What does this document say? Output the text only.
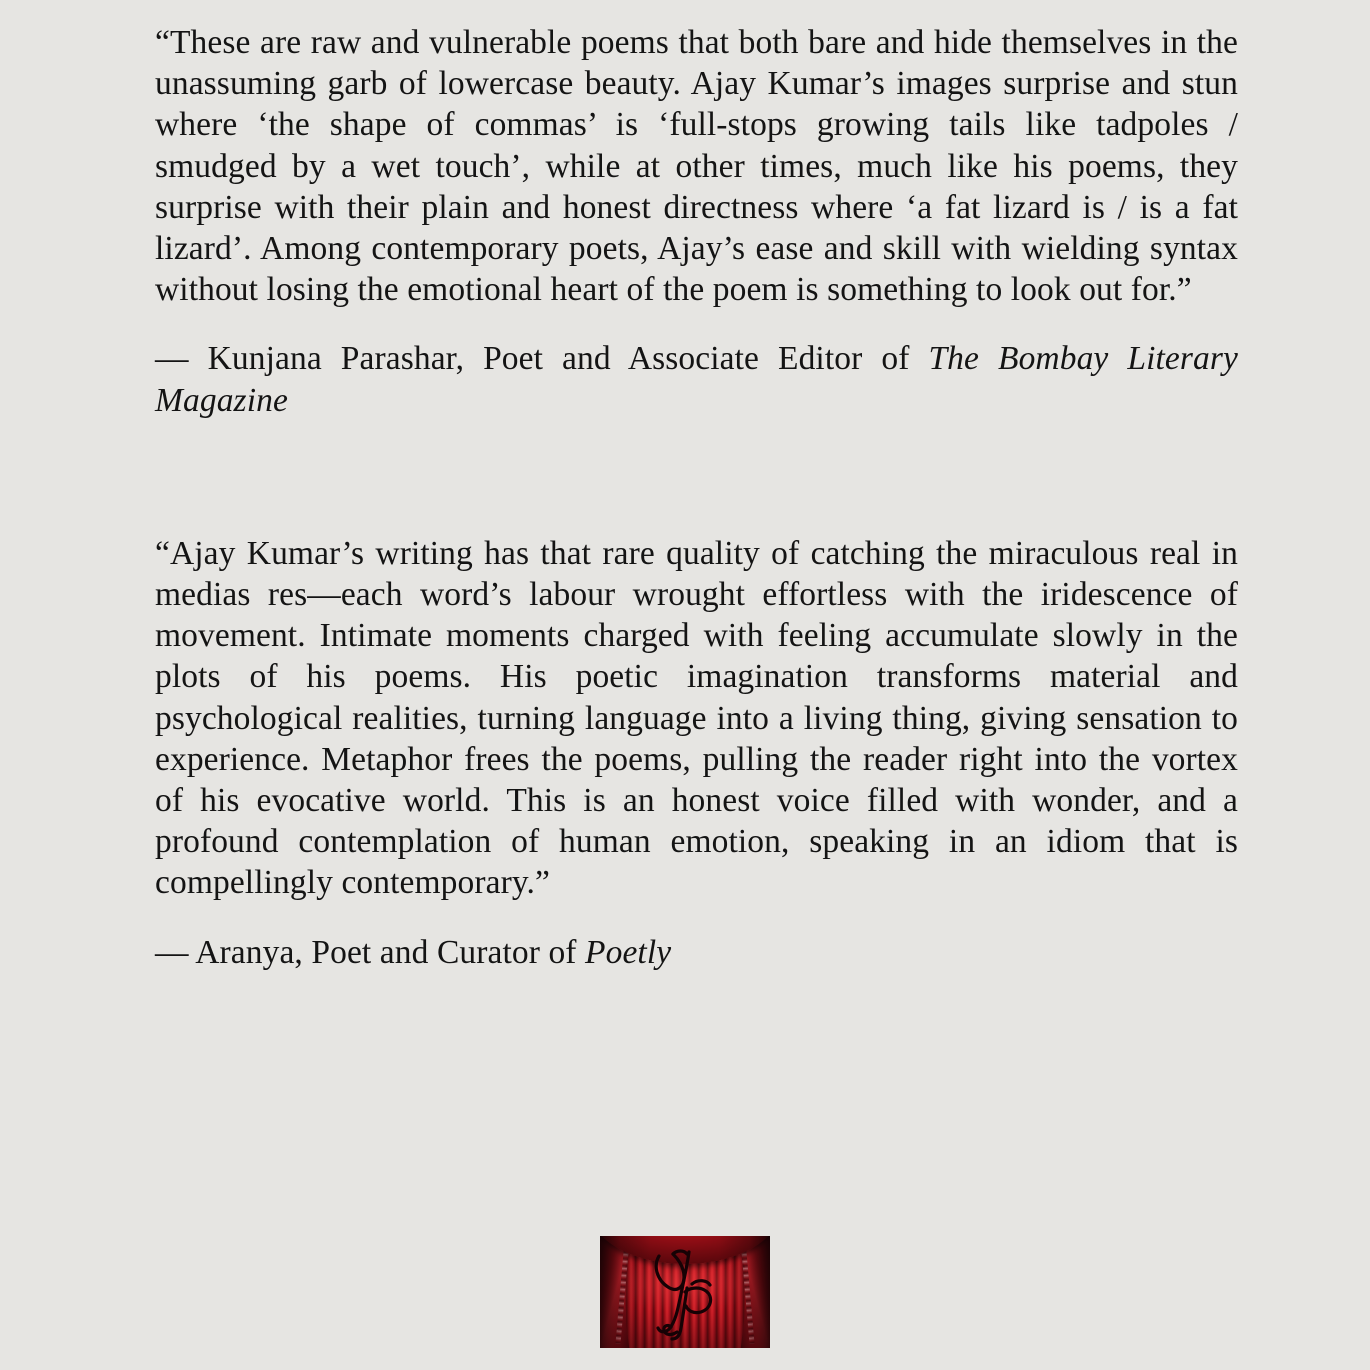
“These are raw and vulnerable poems that both bare and hide themselves in the unassuming garb of lowercase beauty. Ajay Kumar’s images surprise and stun where ‘the shape of commas’ is ‘full-stops growing tails like tadpoles / smudged by a wet touch’, while at other times, much like his poems, they surprise with their plain and honest directness where ‘a fat lizard is / is a fat lizard’. Among contemporary poets, Ajay’s ease and skill with wielding syntax without losing the emotional heart of the poem is something to look out for.”

— Kunjana Parashar, Poet and Associate Editor of The Bombay Literary Magazine

“Ajay Kumar’s writing has that rare quality of catching the miraculous real in medias res—each word’s labour wrought effortless with the iridescence of movement. Intimate moments charged with feeling accumulate slowly in the plots of his poems. His poetic imagination transforms material and psychological realities, turning language into a living thing, giving sensation to experience. Metaphor frees the poems, pulling the reader right into the vortex of his evocative world. This is an honest voice filled with wonder, and a profound contemplation of human emotion, speaking in an idiom that is compellingly contemporary.”

— Aranya, Poet and Curator of Poetly
